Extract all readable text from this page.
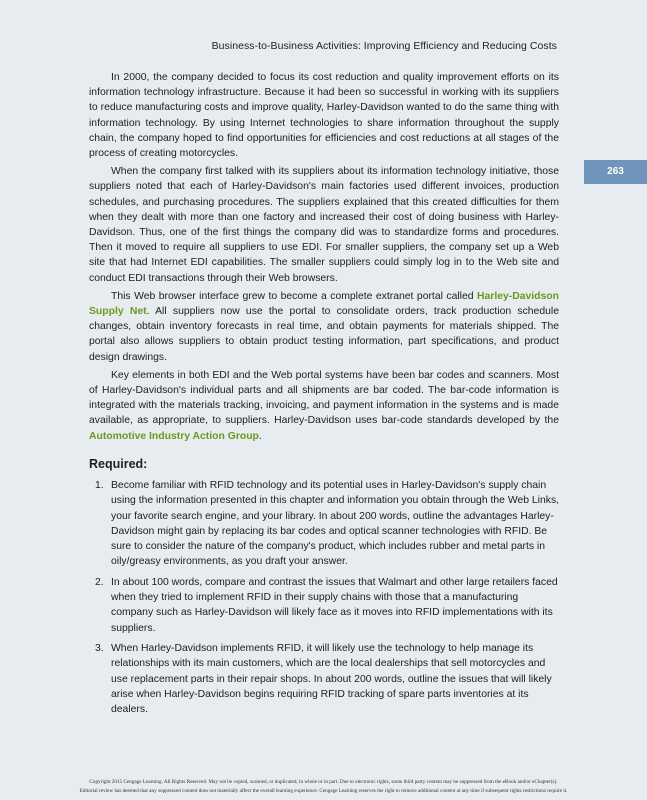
Business-to-Business Activities: Improving Efficiency and Reducing Costs
263

In 2000, the company decided to focus its cost reduction and quality improvement efforts on its information technology infrastructure. Because it had been so successful in working with its suppliers to reduce manufacturing costs and improve quality, Harley-Davidson wanted to do the same thing with information technology. By using Internet technologies to share information throughout the supply chain, the company hoped to find opportunities for efficiencies and cost reductions at all stages of the process of creating motorcycles.

When the company first talked with its suppliers about its information technology initiative, those suppliers noted that each of Harley-Davidson's main factories used different invoices, production schedules, and purchasing procedures. The suppliers explained that this created difficulties for them when they dealt with more than one factory and increased their cost of doing business with Harley-Davidson. Thus, one of the first things the company did was to standardize forms and procedures. Then it moved to require all suppliers to use EDI. For smaller suppliers, the company set up a Web site that had Internet EDI capabilities. The smaller suppliers could simply log in to the Web site and conduct EDI transactions through their Web browsers.

This Web browser interface grew to become a complete extranet portal called Harley-Davidson Supply Net. All suppliers now use the portal to consolidate orders, track production schedule changes, obtain inventory forecasts in real time, and obtain payments for materials shipped. The portal also allows suppliers to obtain product testing information, part specifications, and product design drawings.

Key elements in both EDI and the Web portal systems have been bar codes and scanners. Most of Harley-Davidson's individual parts and all shipments are bar coded. The bar-code information is integrated with the materials tracking, invoicing, and payment information in the systems and is made available, as appropriate, to suppliers. Harley-Davidson uses bar-code standards developed by the Automotive Industry Action Group.

Required:
1. Become familiar with RFID technology and its potential uses in Harley-Davidson's supply chain using the information presented in this chapter and information you obtain through the Web Links, your favorite search engine, and your library. In about 200 words, outline the advantages Harley-Davidson might gain by replacing its bar codes and optical scanner technologies with RFID. Be sure to consider the nature of the company's product, which includes rubber and metal parts in oily/greasy environments, as you draft your answer.
2. In about 100 words, compare and contrast the issues that Walmart and other large retailers faced when they tried to implement RFID in their supply chains with those that a manufacturing company such as Harley-Davidson will likely face as it moves into RFID implementations with its suppliers.
3. When Harley-Davidson implements RFID, it will likely use the technology to help manage its relationships with its main customers, which are the local dealerships that sell motorcycles and use replacement parts in their repair shops. In about 200 words, outline the issues that will likely arise when Harley-Davidson begins requiring RFID tracking of spare parts inventories at its dealers.
Copyright 2015 Cengage Learning. All Rights Reserved. May not be copied, scanned, or duplicated, in whole or in part. Due to electronic rights, some third party content may be suppressed from the eBook and/or eChapter(s).
Editorial review has deemed that any suppressed content does not materially affect the overall learning experience. Cengage Learning reserves the right to remove additional content at any time if subsequent rights restrictions require it.
